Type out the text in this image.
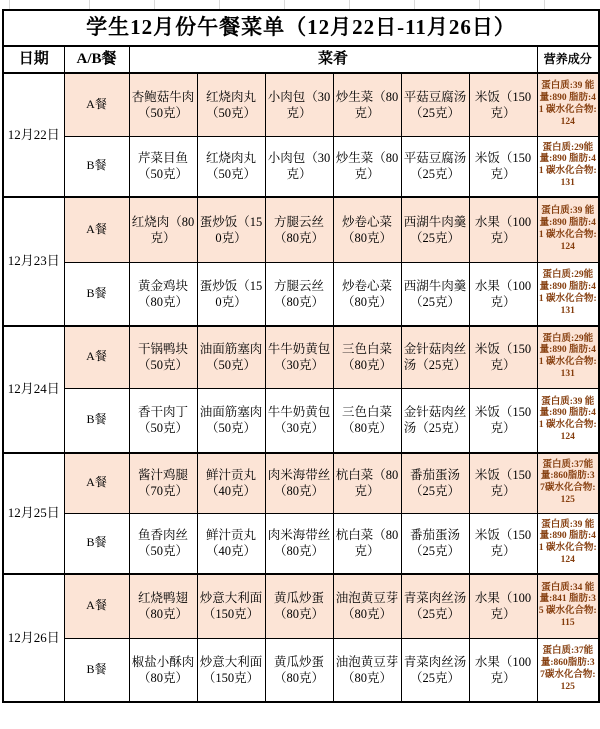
学生12月份午餐菜单（12月22日-11月26日）								
日期	A/B餐	菜肴						营养成分
12月22日	A餐	杏鲍菇牛肉（50克）	红烧肉丸（50克）	小肉包（30克）	炒生菜（80克）	平菇豆腐汤（25克）	米饭（150克）	蛋白质:39 能量:890 脂肪:41 碳水化合物:124
	B餐	芹菜目鱼（50克）	红烧肉丸（50克）	小肉包（30克）	炒生菜（80克）	平菇豆腐汤（25克）	米饭（150克）	蛋白质:29能量:890 脂肪:41 碳水化合物:131
12月23日	A餐	红烧肉（80克）	蛋炒饭（150克）	方腿云丝（80克）	炒卷心菜（80克）	西湖牛肉羹（25克）	水果（100克）	蛋白质:39 能量:890 脂肪:41 碳水化合物:124
	B餐	黄金鸡块（80克）	蛋炒饭（150克）	方腿云丝（80克）	炒卷心菜（80克）	西湖牛肉羹（25克）	水果（100克）	蛋白质:29能量:890 脂肪:41 碳水化合物:131
12月24日	A餐	干锅鸭块（50克）	油面筋塞肉（50克）	牛牛奶黄包（30克）	三色白菜（80克）	金针菇肉丝汤（25克）	米饭（150克）	蛋白质:29能量:890 脂肪:41 碳水化合物:131
	B餐	香干肉丁（50克）	油面筋塞肉（50克）	牛牛奶黄包（30克）	三色白菜（80克）	金针菇肉丝汤（25克）	米饭（150克）	蛋白质:39 能量:890 脂肪:41 碳水化合物:124
12月25日	A餐	酱汁鸡腿（70克）	鲜汁贡丸（40克）	肉米海带丝（80克）	杭白菜（80克）	番茄蛋汤（25克）	米饭（150克）	蛋白质:37能量:860脂肪:37碳水化合物:125
	B餐	鱼香肉丝（50克）	鲜汁贡丸（40克）	肉米海带丝（80克）	杭白菜（80克）	番茄蛋汤（25克）	米饭（150克）	蛋白质:39 能量:890 脂肪:41 碳水化合物:124
12月26日	A餐	红烧鸭翅（80克）	炒意大利面（150克）	黄瓜炒蛋（80克）	油泡黄豆芽（80克）	青菜肉丝汤（25克）	水果（100克）	蛋白质:34 能量:841 脂肪:35 碳水化合物:115
	B餐	椒盐小酥肉（80克）	炒意大利面（150克）	黄瓜炒蛋（80克）	油泡黄豆芽（80克）	青菜肉丝汤（25克）	水果（100克）	蛋白质:37能量:860脂肪:37碳水化合物:125
